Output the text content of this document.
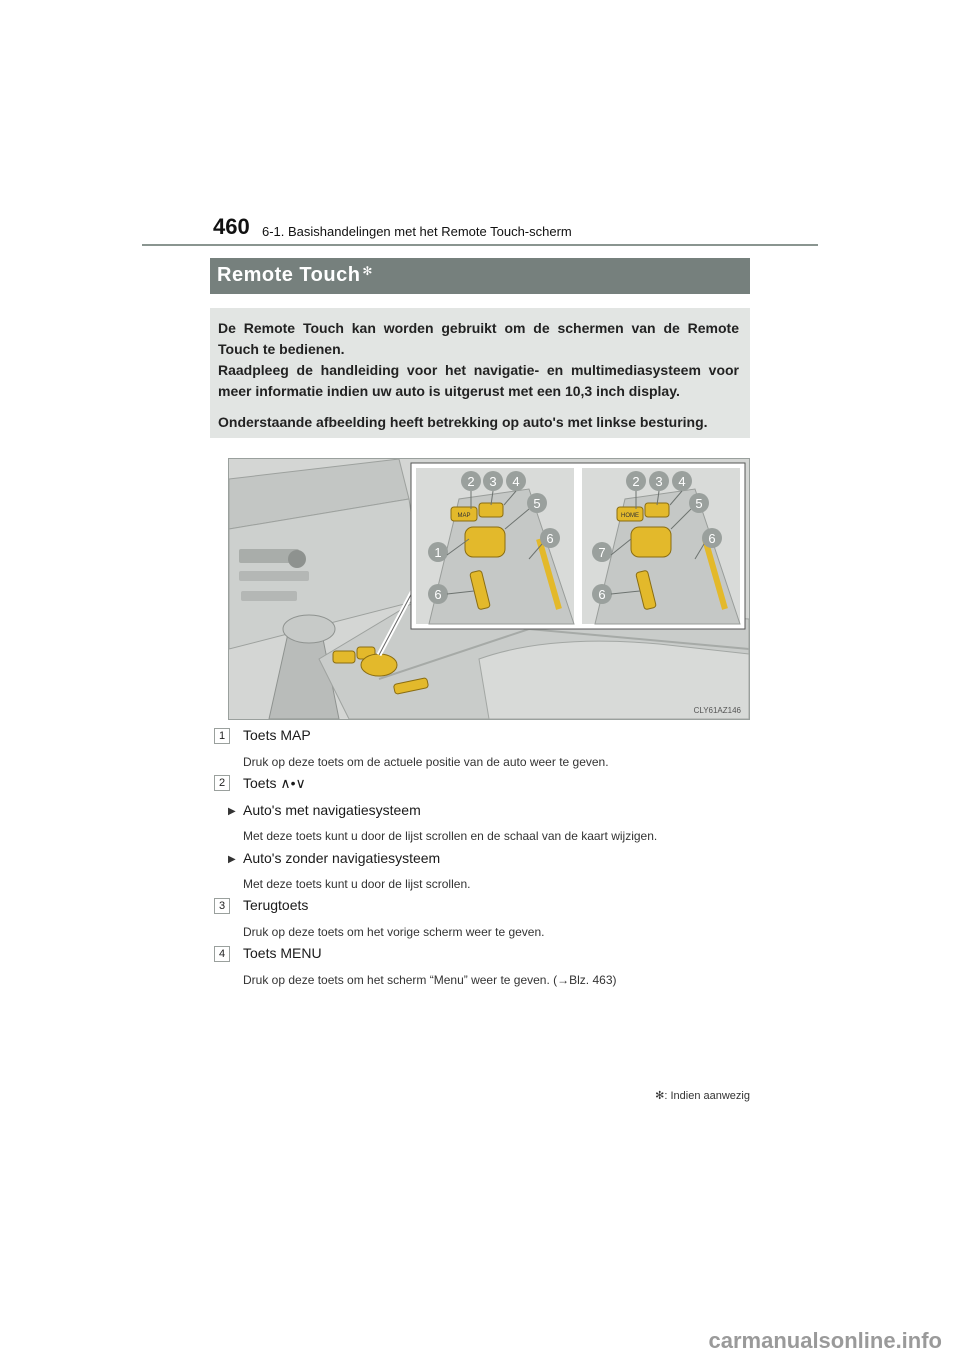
460 6-1. Basishandelingen met het Remote Touch-scherm
Remote Touch ✻

De Remote Touch kan worden gebruikt om de schermen van de Remote Touch te bedienen.

Raadpleeg de handleiding voor het navigatie- en multimediasysteem voor meer informatie indien uw auto is uitgerust met een 10,3 inch display.

Onderstaande afbeelding heeft betrekking op auto's met linkse besturing.

MAP	HOME
2 3 4
5
6
1
6
2 3 4
5
6
7
6
CLY61AZ146
1	Toets MAP
Druk op deze toets om de actuele positie van de auto weer te geven.
2	Toets ∧•∨
▶ Auto's met navigatiesysteem
Met deze toets kunt u door de lijst scrollen en de schaal van de kaart wijzigen.
▶ Auto's zonder navigatiesysteem
Met deze toets kunt u door de lijst scrollen.
3	Terugtoets
Druk op deze toets om het vorige scherm weer te geven.
4	Toets MENU
Druk op deze toets om het scherm “Menu” weer te geven. (→Blz. 463)
✻: Indien aanwezig
carmanualsonline.info
